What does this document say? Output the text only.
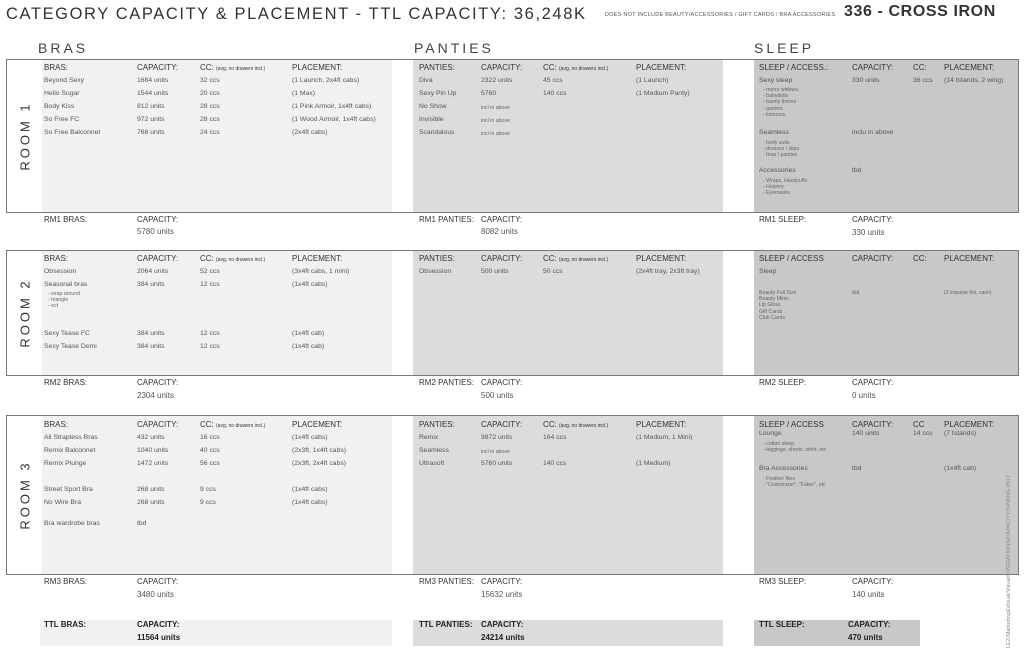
CATEGORY CAPACITY & PLACEMENT - TTL CAPACITY: 36,248K	DOES NOT INCLUDE BEAUTY/ACCESSORIES / GIFT CARDS / BRA ACCESSORIES 336 - CROSS IRON
BRAS	PANTIES	SLEEP
ROOM 1
BRAS:	CAPACITY:	CC: (avg, no drawers incl.)	PLACEMENT:
Beyond Sexy	1684 units	32 ccs	(1 Launch, 2x4ft cabs)
Hello Sugar	1544 units	20 ccs	(1 Max)
Body Kiss	812 units	28 ccs	(1 Pink Armoir, 1x4ft cabs)
So Free FC	972 units	28 ccs	(1 Wood Armoir, 1x4ft cabs)
So Free Balconnet	768 units	24 ccs	(2x4ft cabs)
PANTIES:	CAPACITY:	CC: (avg, no drawers incl.)	PLACEMENT:
Diva	2322 units	45 ccs	(1 Launch)
Sexy Pin Up	5760	140 ccs	(1 Medium Panty)
No Show	incl in above
Invisible	incl in above
Scandalous	incl in above
SLEEP / ACCESS.:	CAPACITY: CC: PLACEMENT:
Sexy sleep	330 units	36 ccs (14 tstands, 2 wing)
- merry widows,
- babydolls
- barely theres
- garters
- kimonos
Seamless	inclu in above
- body suits
- dresses / slips
- bras / panties
Accessories	tbd
- Wraps, Handcuffs
- Hosiery
- Eyemasks
RM1 BRAS:	CAPACITY:
5780 units
RM1 PANTIES: CAPACITY:
8082 units
RM1 SLEEP:	CAPACITY:
330 units
ROOM 2
BRAS:	CAPACITY:	CC: (avg, no drawers incl.)	PLACEMENT:
Obsession	2064 units	52 ccs	(3x4ft cabs, 1 mini)
Seasonal bras	384 units	12 ccs	(1x4ft cabs)
- wrap around
- triangle
- ect
Sexy Tease FC	384 units	12 ccs	(1x4ft cab)
Sexy Tease Demi	384 units	12 ccs	(1x4ft cab)
PANTIES:	CAPACITY:	CC: (avg, no drawers incl.)	PLACEMENT:
Obsession	500 units	50 ccs	(2x4ft tray, 2x3ft tray)
SLEEP / ACCESS	CAPACITY: CC: PLACEMENT:
Sleep
Beauty Full Size
Beauty Minis
Lip Gloss
Gift Cards
Club Cards
tbd	(2 impulse fixt, cash)
RM2 BRAS:	CAPACITY:
2304 units
RM2 PANTIES: CAPACITY:
500 units
RM2 SLEEP:	CAPACITY:
0 units
ROOM 3
BRAS:	CAPACITY:	CC: (avg, no drawers incl.)	PLACEMENT:
All Strapless Bras	432 units	16 ccs	(1x4ft cabs)
Remix Balconnet	1040 units	40 ccs	(2x3ft, 1x4ft cabs)
Remix Plunge	1472 units	56 ccs	(2x3ft, 2x4ft cabs)
Street Sport Bra	268 units	9 ccs	(1x4ft cabs)
No Wire Bra	268 units	9 ccs	(1x4ft cabs)
Bra wardrobe bras	tbd
PANTIES:	CAPACITY:	CC: (avg, no drawers incl.)	PLACEMENT:
Remix	9872 units	164 ccs	(1 Medium, 1 Mini)
Seamless	incl in above
Ultrasoft	5760 units	140 ccs	(1 Medium)
SLEEP / ACCESS	CAPACITY: CC PLACEMENT:
Lounge	140 units	14 ccs (7 tstands)
- cotton sleep
- leggings, shorts, tshirt, etc
Bra Accessories	tbd	(1x4ft cab)
- Feather fitex
- "Customizer", "Faker", etc
RM3 BRAS:	CAPACITY:
3480 units
RM3 PANTIES: CAPACITY:
15632 units
RM3 SLEEP:	CAPACITY:
140 units
TTL BRAS:	CAPACITY:
11564 units
TTL PANTIES: CAPACITY:
24214 units
TTL SLEEP:	CAPACITY:
470 units	LEZ/Marketing&Visual/Visual/OPERATIONS/CAPACITY/SPRING 2017
